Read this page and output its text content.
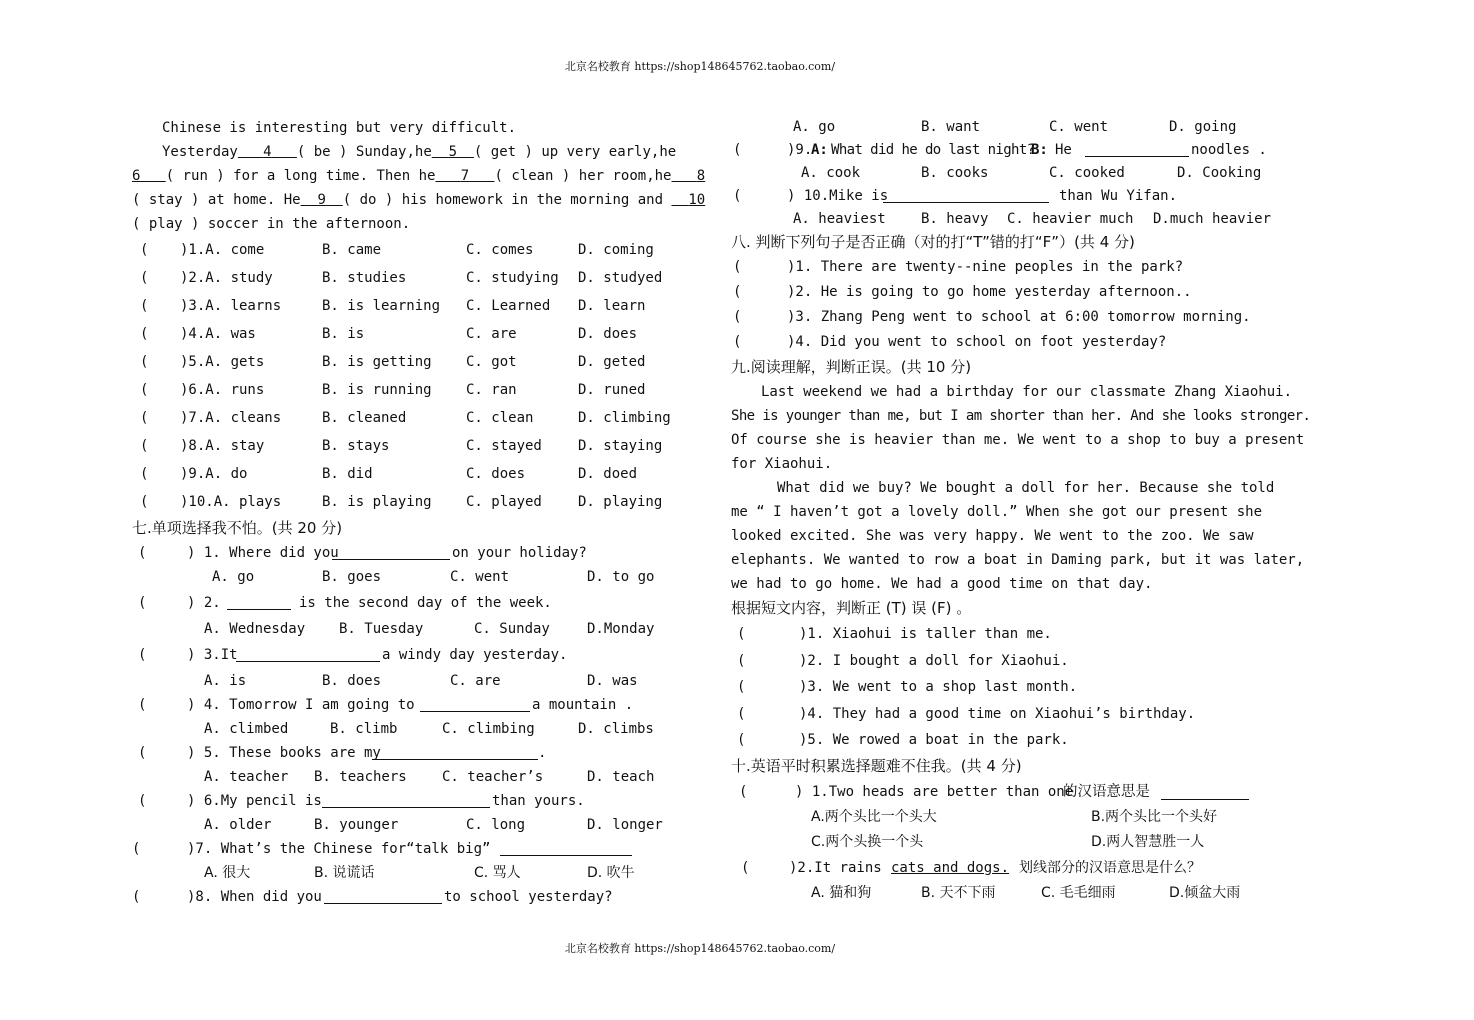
北京名校教育 https://shop148645762.taobao.com/
Chinese is interesting but very difficult.
Yesterday 4 ( be ) Sunday,he 5 ( get ) up very early,he
6 ( run ) for a long time. Then he 7 ( clean ) her room,he 8
( stay ) at home. He 9 ( do ) his homework in the morning and 10
( play ) soccer in the afternoon.
( )1.A. come	B. came	C. comes	D. coming
( )2.A. study	B. studies	C. studying D. studyed
( )3.A. learns	B. is learning C. Learned D. learn
( )4.A. was	B. is	C. are	D. does
( )5.A. gets	B. is getting C. got	D. geted
( )6.A. runs	B. is running C. ran	D. runed
( )7.A. cleans	B. cleaned	C. clean	D. climbing
( )8.A. stay	B. stays	C. stayed	D. staying
( )9.A. do	B. did	C. does	D. doed
( )10.A. plays	B. is playing C. played	D. playing
七.单项选择我不怕。(共 20 分)
(	) 1. Where did you	on your holiday?
A. go	B. goes	C. went	D. to go
(	) 2.	is the second day of the week.
A. Wednesday B. Tuesday	C. Sunday	D.Monday
(	) 3.It	a windy day yesterday.
A. is	B. does	C. are	D. was
(	) 4. Tomorrow I am going to	a mountain .
A. climbed	B. climb	C. climbing	D. climbs
(	) 5. These books are my	.
A. teacher B. teachers	C. teacher’s	D. teach
(	) 6.My pencil is	than yours.
A. older	B. younger	C. long	D. longer
(	)7. What’s the Chinese for“talk big”
A. 很大	B. 说谎话	C. 骂人	D. 吹牛
(	)8. When did you	to school yesterday?
A. go	B. want	C. went	D. going
(	)9.
A: What did he do last night?
B: He	noodles .
A. cook	B. cooks	C. cooked	D. Cooking
(	) 10.Mike is	than Wu Yifan.
A. heaviest	B. heavy C. heavier much D.much heavier
八. 判断下列句子是否正确（对的打“T”错的打“F”）(共 4 分)
(	)1. There are twenty--nine peoples in the park?
(	)2. He is going to go home yesterday afternoon..
(	)3. Zhang Peng went to school at 6:00 tomorrow morning.
(	)4. Did you went to school on foot yesterday?
九.阅读理解，判断正误。(共 10 分)
Last weekend we had a birthday for our classmate Zhang Xiaohui.
She is younger than me, but I am shorter than her. And she looks stronger.
Of course she is heavier than me. We went to a shop to buy a present
for Xiaohui.
What did we buy? We bought a doll for her. Because she told
me “ I haven’t got a lovely doll.” When she got our present she
looked excited. She was very happy. We went to the zoo. We saw
elephants. We wanted to row a boat in Daming park, but it was later,
we had to go home. We had a good time on that day.
根据短文内容，判断正 (T) 误 (F) 。
(	)1. Xiaohui is taller than me.
(	)2. I bought a doll for Xiaohui.
(	)3. We went to a shop last month.
(	)4. They had a good time on Xiaohui’s birthday.
(	)5. We rowed a boat in the park.
十.英语平时积累选择题难不住我。(共 4 分)
(	) 1.Two heads are better than one
的汉语意思是
A.两个头比一个头大	B.两个头比一个头好
C.两个头换一个头	D.两人智慧胜一人
(	)2.It rains cats and dogs. 划线部分的汉语意思是什么？
A. 猫和狗	B. 天不下雨	C. 毛毛细雨	D.倾盆大雨
北京名校教育 https://shop148645762.taobao.com/
